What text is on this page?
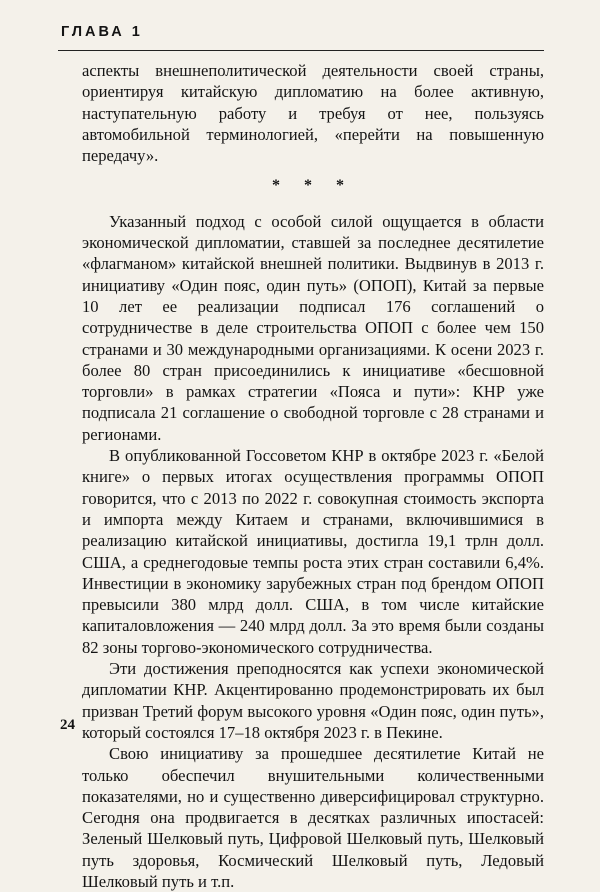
ГЛАВА 1

аспекты внешнеполитической деятельности своей страны, ориентируя китайскую дипломатию на более активную, наступательную работу и требуя от нее, пользуясь автомобильной терминологией, «перейти на повышенную передачу».

* * *

Указанный подход с особой силой ощущается в области экономической дипломатии, ставшей за последнее десятилетие «флагманом» китайской внешней политики. Выдвинув в 2013 г. инициативу «Один пояс, один путь» (ОПОП), Китай за первые 10 лет ее реализации подписал 176 соглашений о сотрудничестве в деле строительства ОПОП с более чем 150 странами и 30 международными организациями. К осени 2023 г. более 80 стран присоединились к инициативе «бесшовной торговли» в рамках стратегии «Пояса и пути»: КНР уже подписала 21 соглашение о свободной торговле с 28 странами и регионами.

В опубликованной Госсоветом КНР в октябре 2023 г. «Белой книге» о первых итогах осуществления программы ОПОП говорится, что с 2013 по 2022 г. совокупная стоимость экспорта и импорта между Китаем и странами, включившимися в реализацию китайской инициативы, достигла 19,1 трлн долл. США, а среднегодовые темпы роста этих стран составили 6,4%. Инвестиции в экономику зарубежных стран под брендом ОПОП превысили 380 млрд долл. США, в том числе китайские капиталовложения — 240 млрд долл. За это время были созданы 82 зоны торгово-экономического сотрудничества.

Эти достижения преподносятся как успехи экономической дипломатии КНР. Акцентированно продемонстрировать их был призван Третий форум высокого уровня «Один пояс, один путь», который состоялся 17–18 октября 2023 г. в Пекине.

Свою инициативу за прошедшее десятилетие Китай не только обеспечил внушительными количественными показателями, но и существенно диверсифицировал структурно. Сегодня она продвигается в десятках различных ипостасей: Зеленый Шелковый путь, Цифровой Шелковый путь, Шелковый путь здоровья, Космический Шелковый путь, Ледовый Шелковый путь и т.п.

24
